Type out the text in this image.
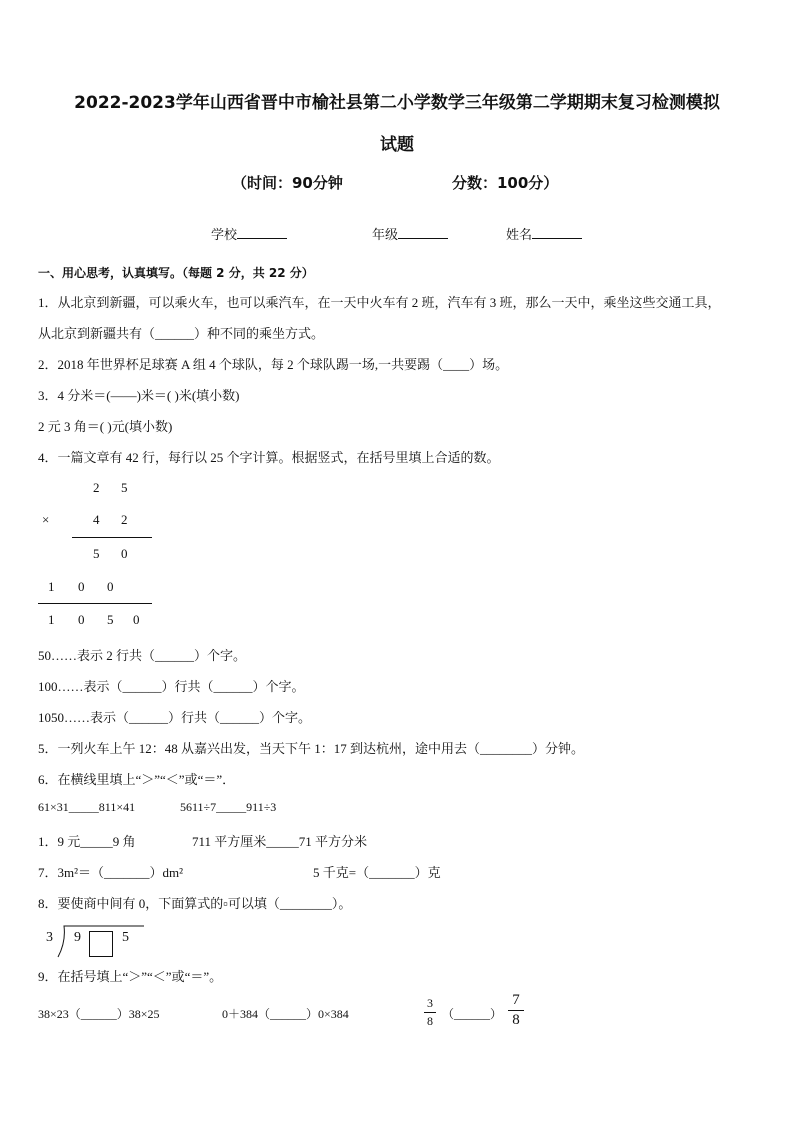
2022-2023学年山西省晋中市榆社县第二小学数学三年级第二学期期末复习检测模拟
试题
（时间：90分钟	分数：100分）
学校	年级	姓名
一、用心思考，认真填写。（每题 2 分，共 22 分）
1．从北京到新疆，可以乘火车，也可以乘汽车，在一天中火车有 2 班，汽车有 3 班，那么一天中，乘坐这些交通工具，
从北京到新疆共有（______）种不同的乘坐方式。
2．2018 年世界杯足球赛 A 组 4 个球队，每 2 个球队踢一场,一共要踢（____）场。
3．4 分米＝(——)米＝( )米(填小数)
2 元 3 角＝( )元(填小数)
4．一篇文章有 42 行，每行以 25 个字计算。根据竖式，在括号里填上合适的数。
2 5
×	4 2
5 0
1 0 0
1 0 5 0
50……表示 2 行共（______）个字。
100……表示（______）行共（______）个字。
1050……表示（______）行共（______）个字。
5．一列火车上午 12：48 从嘉兴出发，当天下午 1：17 到达杭州，途中用去（________）分钟。
6．在横线里填上“＞”“＜”或“＝”．
61×31_____811×41	5611÷7_____911÷3
1．9 元_____9 角	711 平方厘米_____71 平方分米
7．3m²＝（_______）dm²	5 千克=（_______）克
8．要使商中间有 0，下面算式的▫可以填（________）。
3 9	5
9．在括号填上“＞”“＜”或“＝”。
38×23（______）38×25	0＋384（______）0×384
3
8 （______）
7
8
